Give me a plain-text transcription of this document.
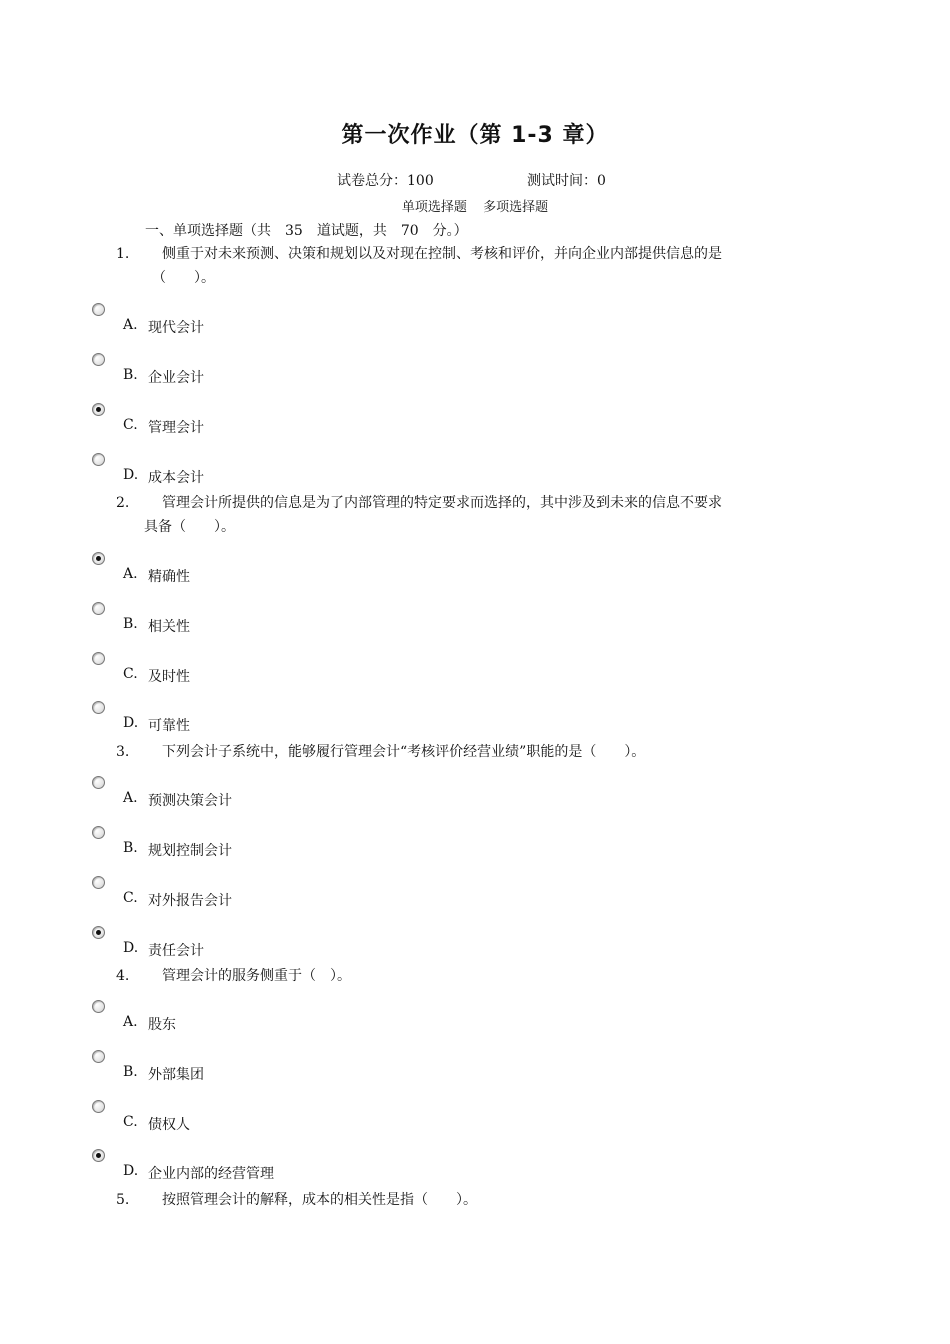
第一次作业（第 1-3 章）
试卷总分：100	测试时间：0
单项选择题 多项选择题
一、单项选择题（共　35　道试题，共　70　分。）
1. 侧重于对未来预测、决策和规划以及对现在控制、考核和评价，并向企业内部提供信息的是
（　　）。
A. 现代会计
B. 企业会计
C. 管理会计
D. 成本会计
2. 管理会计所提供的信息是为了内部管理的特定要求而选择的，其中涉及到未来的信息不要求
具备（　　）。
A. 精确性
B. 相关性
C. 及时性
D. 可靠性
3. 下列会计子系统中，能够履行管理会计“考核评价经营业绩”职能的是（　　）。
A. 预测决策会计
B. 规划控制会计
C. 对外报告会计
D. 责任会计
4. 管理会计的服务侧重于（　）。
A. 股东
B. 外部集团
C. 债权人
D. 企业内部的经营管理
5. 按照管理会计的解释，成本的相关性是指（　　）。
